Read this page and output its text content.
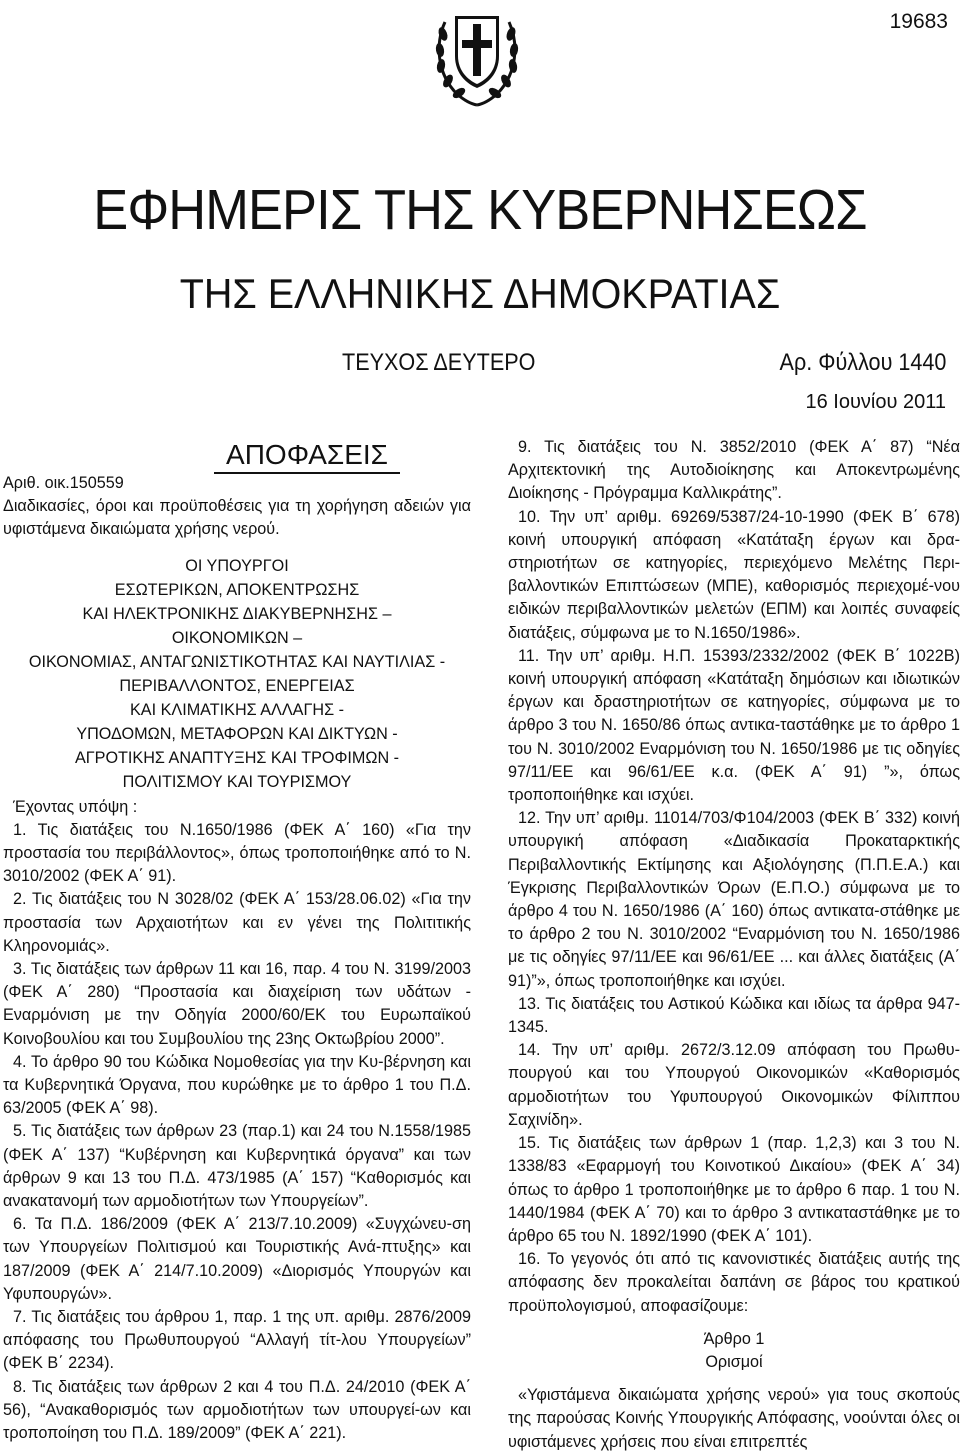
19683
ΕΦΗΜΕΡΙΣ ΤΗΣ ΚΥΒΕΡΝΗΣΕΩΣ
ΤΗΣ ΕΛΛΗΝΙΚΗΣ ΔΗΜΟΚΡΑΤΙΑΣ
ΤΕΥΧΟΣ ΔΕΥΤΕΡΟ	Αρ. Φύλλου 1440
16 Ιουνίου 2011
ΑΠΟΦΑΣΕΙΣ

Αριθ. οικ.150559

Διαδικασίες, όροι και προϋποθέσεις για τη χορήγηση αδειών για υφιστάμενα δικαιώματα χρήσης νερού.

ΟΙ ΥΠΟΥΡΓΟΙ
ΕΣΩΤΕΡΙΚΩΝ, ΑΠΟΚΕΝΤΡΩΣΗΣ
ΚΑΙ ΗΛΕΚΤΡΟΝΙΚΗΣ ΔΙΑΚΥΒΕΡΝΗΣΗΣ –
ΟΙΚΟΝΟΜΙΚΩΝ –
ΟΙΚΟΝΟΜΙΑΣ, ΑΝΤΑΓΩΝΙΣΤΙΚΟΤΗΤΑΣ ΚΑΙ ΝΑΥΤΙΛΙΑΣ -
ΠΕΡΙΒΑΛΛΟΝΤΟΣ, ΕΝΕΡΓΕΙΑΣ
ΚΑΙ ΚΛΙΜΑΤΙΚΗΣ ΑΛΛΑΓΗΣ -
ΥΠΟΔΟΜΩΝ, ΜΕΤΑΦΟΡΩΝ ΚΑΙ ΔΙΚΤΥΩΝ -
ΑΓΡΟΤΙΚΗΣ ΑΝΑΠΤΥΞΗΣ ΚΑΙ ΤΡΟΦΙΜΩΝ -
ΠΟΛΙΤΙΣΜΟΥ ΚΑΙ ΤΟΥΡΙΣΜΟΥ

Έχοντας υπόψη :

1. Τις διατάξεις του Ν.1650/1986 (ΦΕΚ Α΄ 160) «Για την προστασία του περιβάλλοντος», όπως τροποποιήθηκε από το Ν. 3010/2002 (ΦΕΚ Α΄ 91).

2. Τις διατάξεις του Ν 3028/02 (ΦΕΚ Α΄ 153/28.06.02) «Για την προστασία των Αρχαιοτήτων και εν γένει της Πολιτιτικής Κληρονομιάς».

3. Τις διατάξεις των άρθρων 11 και 16, παρ. 4 του Ν. 3199/2003 (ΦΕΚ Α΄ 280) “Προστασία και διαχείριση των υδάτων - Εναρμόνιση με την Οδηγία 2000/60/ΕΚ του Ευρωπαϊκού Κοινοβουλίου και του Συμβουλίου της 23ης Οκτωβρίου 2000”.

4. Το άρθρο 90 του Κώδικα Νομοθεσίας για την Κυ-βέρνηση και τα Κυβερνητικά Όργανα, που κυρώθηκε με το άρθρο 1 του Π.Δ. 63/2005 (ΦΕΚ Α΄ 98).

5. Τις διατάξεις των άρθρων 23 (παρ.1) και 24 του Ν.1558/1985 (ΦΕΚ Α΄ 137) “Κυβέρνηση και Κυβερνητικά όργανα” και των άρθρων 9 και 13 του Π.Δ. 473/1985 (Α΄ 157) “Καθορισμός και ανακατανομή των αρμοδιοτήτων των Υπουργείων”.

6. Τα Π.Δ. 186/2009 (ΦΕΚ Α΄ 213/7.10.2009) «Συγχώνευ-ση των Υπουργείων Πολιτισμού και Τουριστικής Ανά-πτυξης» και 187/2009 (ΦΕΚ Α΄ 214/7.10.2009) «Διορισμός Υπουργών και Υφυπουργών».

7. Τις διατάξεις του άρθρου 1, παρ. 1 της υπ. αριθμ. 2876/2009 απόφασης του Πρωθυπουργού “Αλλαγή τίτ-λου Υπουργείων” (ΦΕΚ Β΄ 2234).

8. Τις διατάξεις των άρθρων 2 και 4 του Π.Δ. 24/2010 (ΦΕΚ Α΄ 56), “Ανακαθορισμός των αρμοδιοτήτων των υπουργεί-ων και τροποποίηση του Π.Δ. 189/2009” (ΦΕΚ Α΄ 221).

9. Τις διατάξεις του Ν. 3852/2010 (ΦΕΚ Α΄ 87) “Νέα Αρχιτεκτονική της Αυτοδιοίκησης και Αποκεντρωμένης Διοίκησης - Πρόγραμμα Καλλικράτης”.

10. Την υπ’ αριθμ. 69269/5387/24-10-1990 (ΦΕΚ Β΄ 678) κοινή υπουργική απόφαση «Κατάταξη έργων και δρα-στηριοτήτων σε κατηγορίες, περιεχόμενο Μελέτης Περι-βαλλοντικών Επιπτώσεων (ΜΠΕ), καθορισμός περιεχομέ-νου ειδικών περιβαλλοντικών μελετών (ΕΠΜ) και λοιπές συναφείς διατάξεις, σύμφωνα με το Ν.1650/1986».

11. Την υπ’ αριθμ. Η.Π. 15393/2332/2002 (ΦΕΚ Β΄ 1022Β) κοινή υπουργική απόφαση «Κατάταξη δημόσιων και ιδιωτικών έργων και δραστηριοτήτων σε κατηγορίες, σύμφωνα με το άρθρο 3 του Ν. 1650/86 όπως αντικα-ταστάθηκε με το άρθρο 1 του Ν. 3010/2002 Εναρμόνιση του Ν. 1650/1986 με τις οδηγίες 97/11/ΕΕ και 96/61/ΕΕ κ.α. (ΦΕΚ Α΄ 91) ”», όπως τροποποιήθηκε και ισχύει.

12. Την υπ’ αριθμ. 11014/703/Φ104/2003 (ΦΕΚ Β΄ 332) κοινή υπουργική απόφαση «Διαδικασία Προκαταρκτικής Περιβαλλοντικής Εκτίμησης και Αξιολόγησης (Π.Π.Ε.Α.) και Έγκρισης Περιβαλλοντικών Όρων (Ε.Π.Ο.) σύμφωνα με το άρθρο 4 του Ν. 1650/1986 (Α΄ 160) όπως αντικατα-στάθηκε με το άρθρο 2 του Ν. 3010/2002 “Εναρμόνιση του Ν. 1650/1986 με τις οδηγίες 97/11/ΕΕ και 96/61/ΕΕ ... και άλλες διατάξεις (Α΄ 91)”», όπως τροποποιήθηκε και ισχύει.

13. Τις διατάξεις του Αστικού Κώδικα και ιδίως τα άρθρα 947-1345.

14. Την υπ’ αριθμ. 2672/3.12.09 απόφαση του Πρωθυ-πουργού και του Υπουργού Οικονομικών «Καθορισμός αρμοδιοτήτων του Υφυπουργού Οικονομικών Φίλιππου Σαχινίδη».

15. Τις διατάξεις των άρθρων 1 (παρ. 1,2,3) και 3 του Ν. 1338/83 «Εφαρμογή του Κοινοτικού Δικαίου» (ΦΕΚ Α΄ 34) όπως το άρθρο 1 τροποποιήθηκε με το άρθρο 6 παρ. 1 του Ν. 1440/1984 (ΦΕΚ Α΄ 70) και το άρθρο 3 αντικαταστάθηκε με το άρθρο 65 του Ν. 1892/1990 (ΦΕΚ Α΄ 101).

16. Το γεγονός ότι από τις κανονιστικές διατάξεις αυτής της απόφασης δεν προκαλείται δαπάνη σε βάρος του κρατικού προϋπολογισμού, αποφασίζουμε:

Άρθρο 1

Ορισμοί

«Υφιστάμενα δικαιώματα χρήσης νερού» για τους σκοπούς της παρούσας Κοινής Υπουργικής Απόφασης, νοούνται όλες οι υφιστάμενες χρήσεις που είναι επιτρεπτές
